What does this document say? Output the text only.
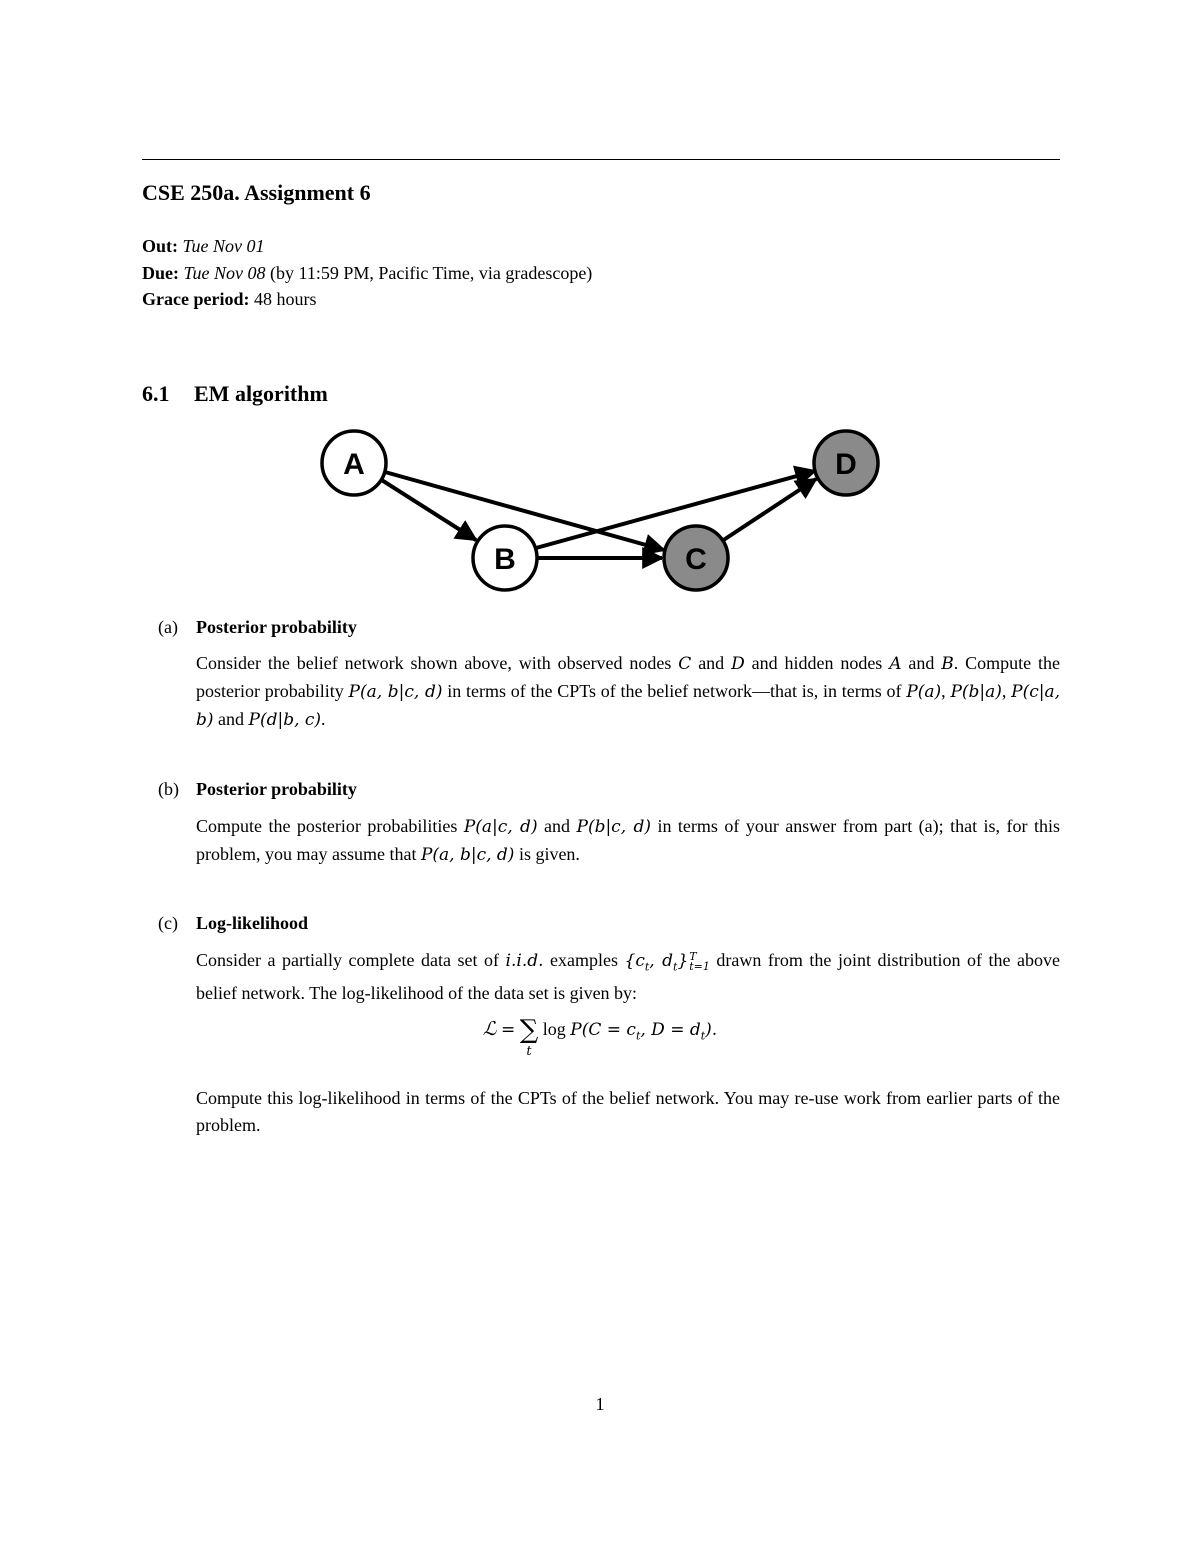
CSE 250a. Assignment 6
Out: Tue Nov 01
Due: Tue Nov 08 (by 11:59 PM, Pacific Time, via gradescope)
Grace period: 48 hours
6.1 EM algorithm
A
B	C
D
(a) Posterior probability
Consider the belief network shown above, with observed nodes C and D and hidden nodes A and B. Compute the posterior probability P(a, b|c, d) in terms of the CPTs of the belief network—that is, in terms of P(a), P(b|a), P(c|a, b) and P(d|b, c).
(b) Posterior probability
Compute the posterior probabilities P(a|c, d) and P(b|c, d) in terms of your answer from part (a); that is, for this problem, you may assume that P(a, b|c, d) is given.
(c) Log-likelihood
Consider a partially complete data set of i.i.d. examples {$c_t$, $d_t$} T
t=1 drawn from the joint distribution of the above belief network. The log-likelihood of the data set is given by:
ℒ = ∑
t
$\log P(C = c_t$, $D = d_t$).
Compute this log-likelihood in terms of the CPTs of the belief network. You may re-use work from earlier parts of the problem.
1
